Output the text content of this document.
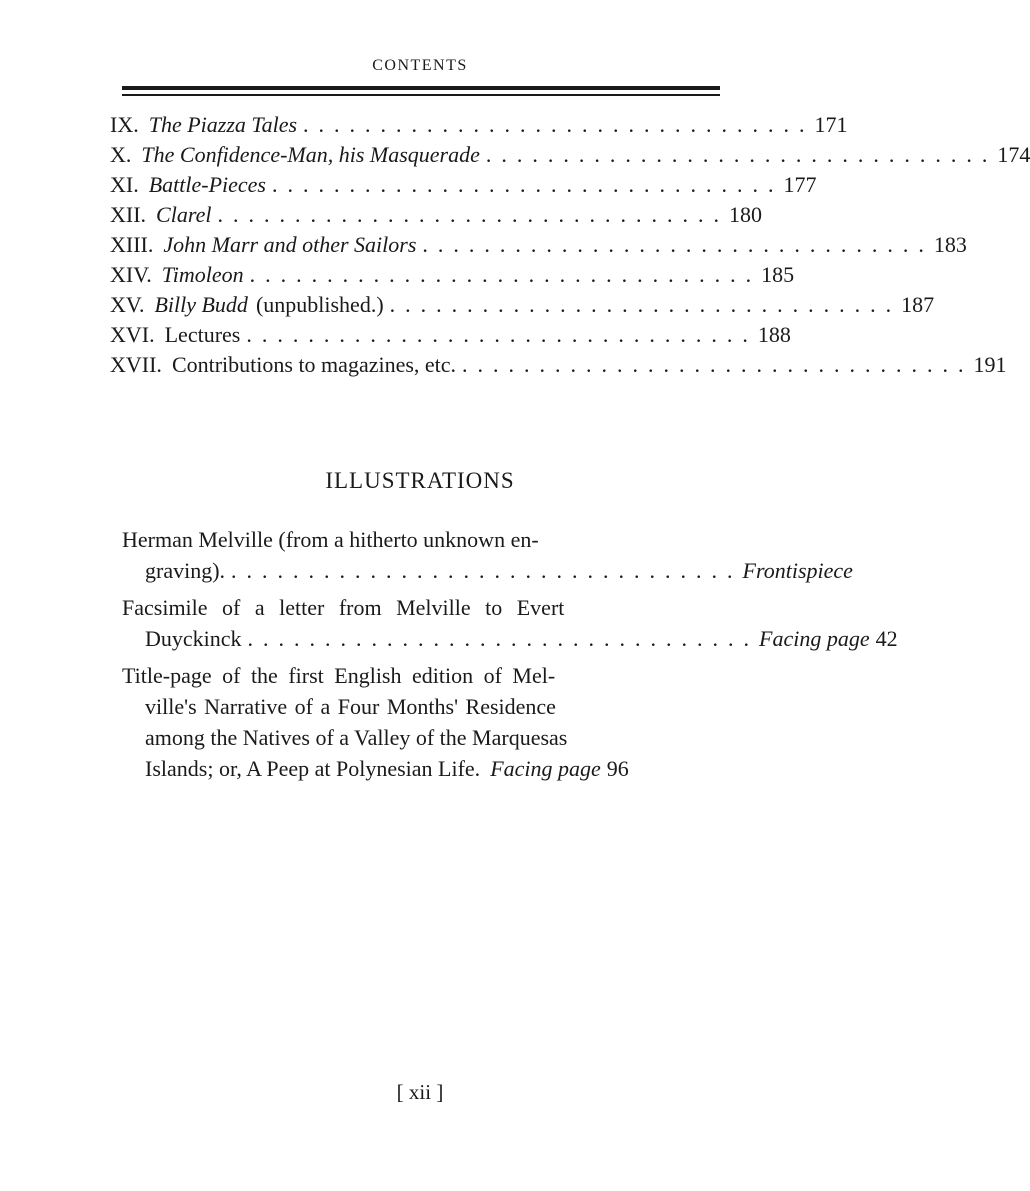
CONTENTS
IX. The Piazza Tales ................................. 171
X. The Confidence-Man, his Masquerade ................................. 174
XI. Battle-Pieces ................................. 177
XII. Clarel ................................. 180
XIII. John Marr and other Sailors ................................. 183
XIV. Timoleon ................................. 185
XV. Billy Budd (unpublished.) ................................. 187
XVI. Lectures ................................. 188
XVII. Contributions to magazines, etc. ................................. 191
ILLUSTRATIONS
Herman Melville (from a hitherto unknown en-
graving). ................................. Frontispiece
Facsimile of a letter from Melville to Evert
Duyckinck ................................. Facing page 42
Title-page of the first English edition of Mel-
ville's Narrative of a Four Months' Residence
among the Natives of a Valley of the Marquesas
Islands; or, A Peep at Polynesian Life. Facing page 96
[ xii ]
